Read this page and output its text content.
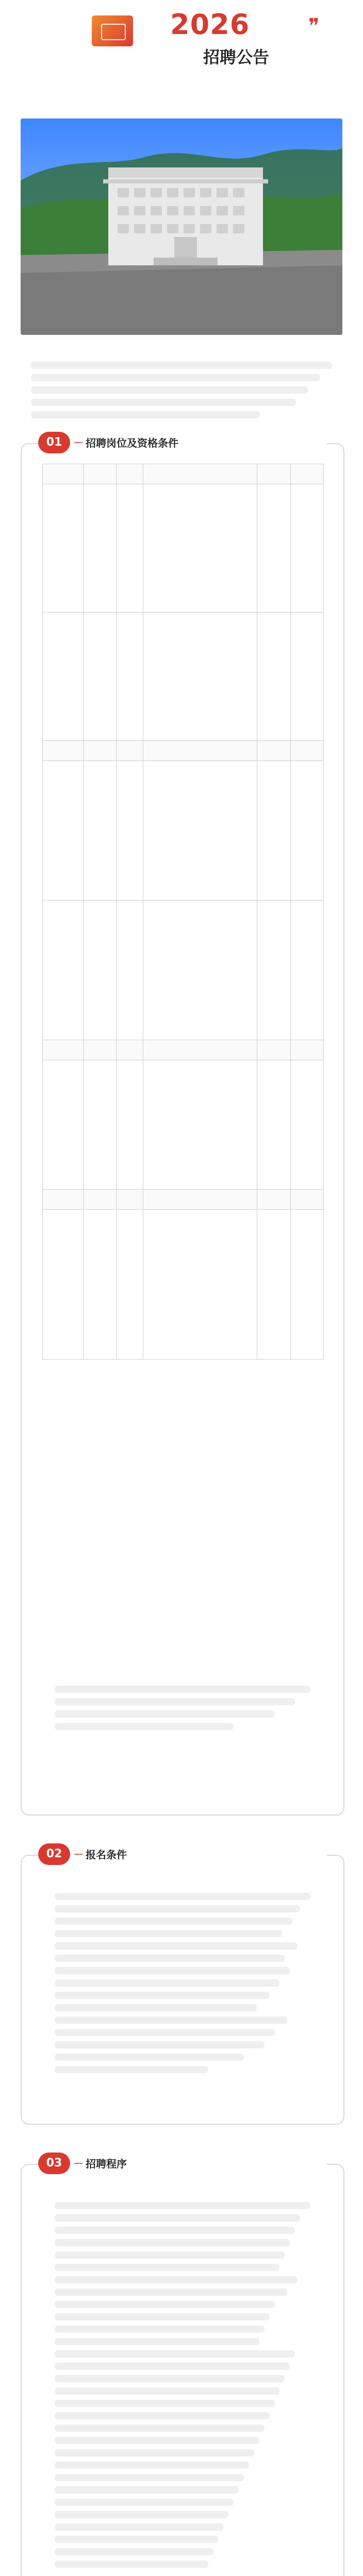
2026	❞
招聘公告
01	招聘岗位及资格条件
02	报名条件
03	招聘程序
